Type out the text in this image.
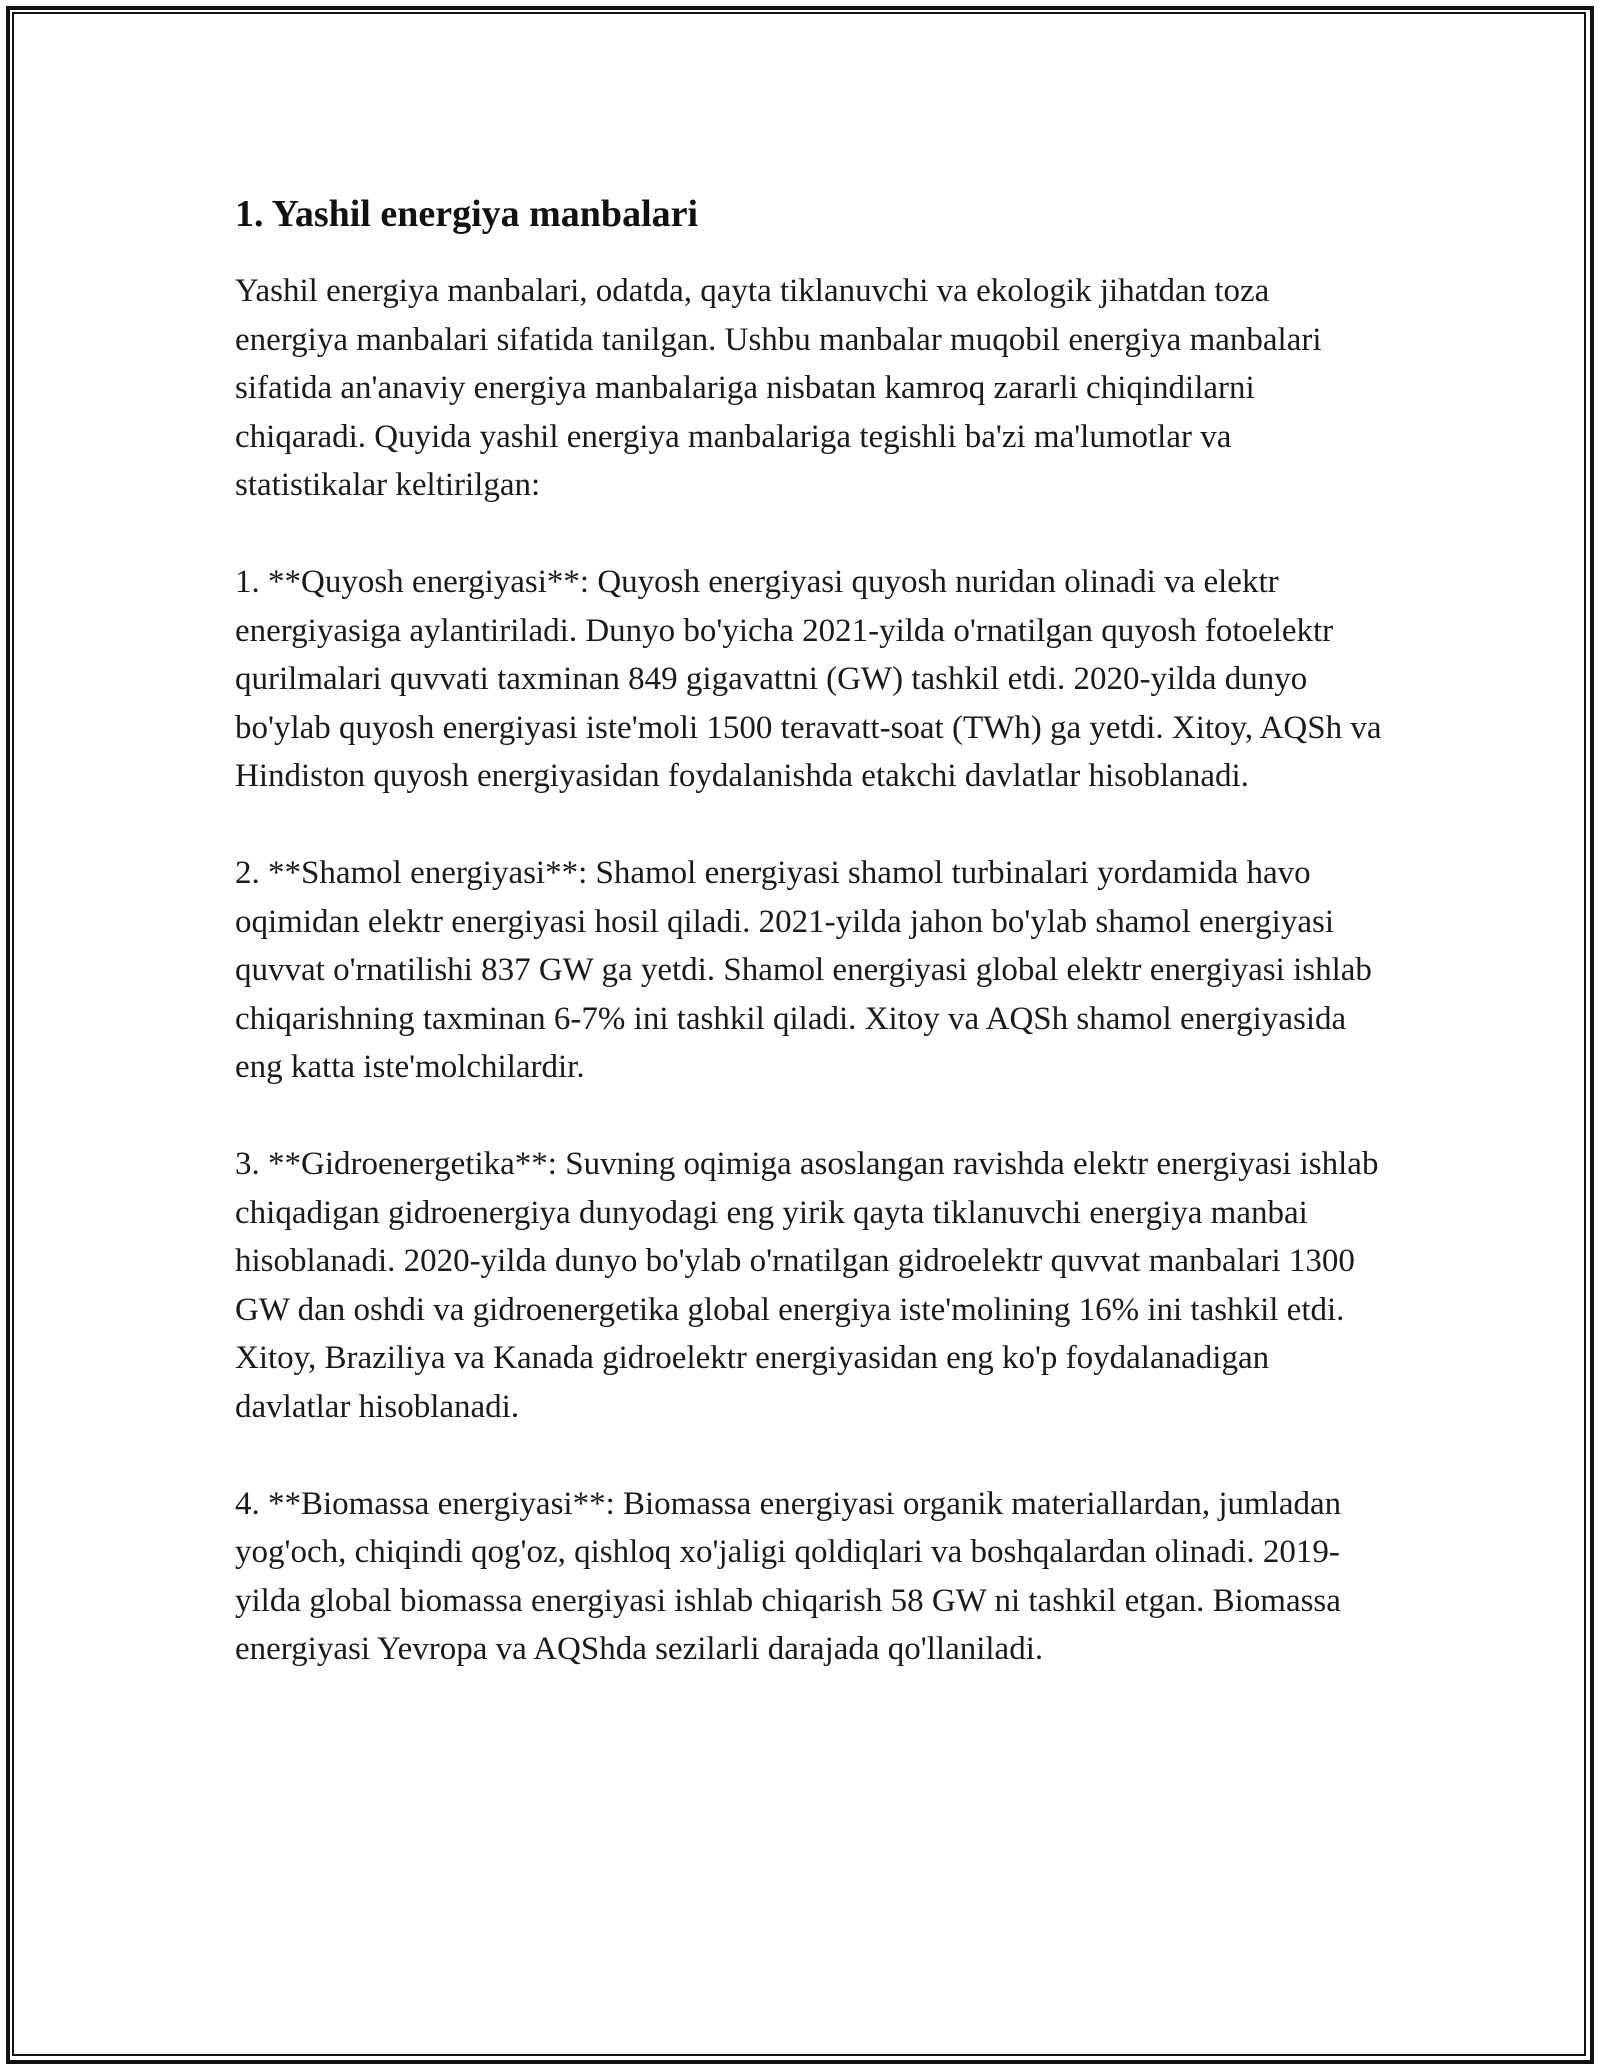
1. Yashil energiya manbalari

Yashil energiya manbalari, odatda, qayta tiklanuvchi va ekologik jihatdan toza energiya manbalari sifatida tanilgan. Ushbu manbalar muqobil energiya manbalari sifatida an'anaviy energiya manbalariga nisbatan kamroq zararli chiqindilarni chiqaradi. Quyida yashil energiya manbalariga tegishli ba'zi ma'lumotlar va statistikalar keltirilgan:

1. **Quyosh energiyasi**: Quyosh energiyasi quyosh nuridan olinadi va elektr energiyasiga aylantiriladi. Dunyo bo'yicha 2021-yilda o'rnatilgan quyosh fotoelektr qurilmalari quvvati taxminan 849 gigavattni (GW) tashkil etdi. 2020-yilda dunyo bo'ylab quyosh energiyasi iste'moli 1500 teravatt-soat (TWh) ga yetdi. Xitoy, AQSh va Hindiston quyosh energiyasidan foydalanishda etakchi davlatlar hisoblanadi.

2. **Shamol energiyasi**: Shamol energiyasi shamol turbinalari yordamida havo oqimidan elektr energiyasi hosil qiladi. 2021-yilda jahon bo'ylab shamol energiyasi quvvat o'rnatilishi 837 GW ga yetdi. Shamol energiyasi global elektr energiyasi ishlab chiqarishning taxminan 6-7% ini tashkil qiladi. Xitoy va AQSh shamol energiyasida eng katta iste'molchilardir.

3. **Gidroenergetika**: Suvning oqimiga asoslangan ravishda elektr energiyasi ishlab chiqadigan gidroenergiya dunyodagi eng yirik qayta tiklanuvchi energiya manbai hisoblanadi. 2020-yilda dunyo bo'ylab o'rnatilgan gidroelektr quvvat manbalari 1300 GW dan oshdi va gidroenergetika global energiya iste'molining 16% ini tashkil etdi. Xitoy, Braziliya va Kanada gidroelektr energiyasidan eng ko'p foydalanadigan davlatlar hisoblanadi.

4. **Biomassa energiyasi**: Biomassa energiyasi organik materiallardan, jumladan yog'och, chiqindi qog'oz, qishloq xo'jaligi qoldiqlari va boshqalardan olinadi. 2019-yilda global biomassa energiyasi ishlab chiqarish 58 GW ni tashkil etgan. Biomassa energiyasi Yevropa va AQShda sezilarli darajada qo'llaniladi.
